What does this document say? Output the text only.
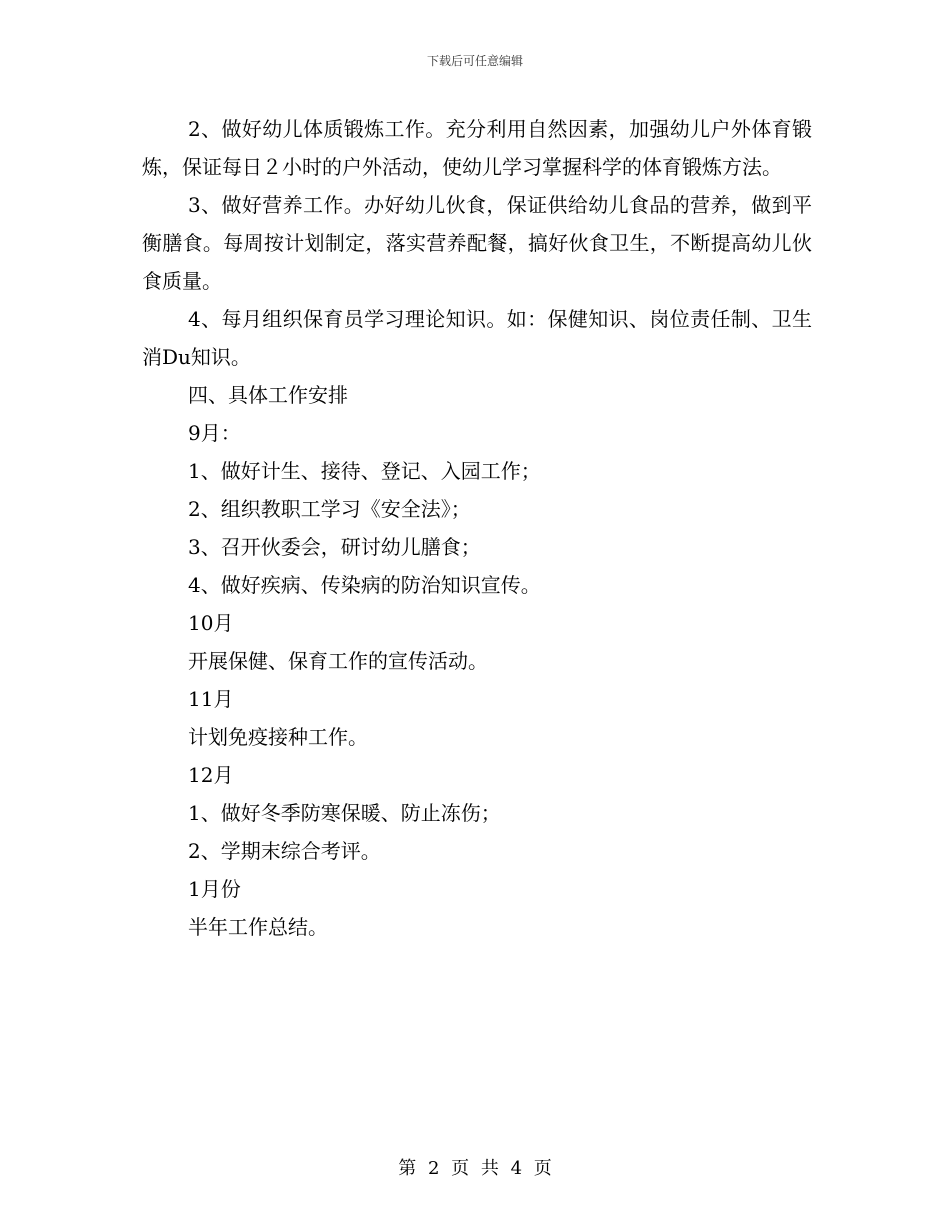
下载后可任意编辑

2、做好幼儿体质锻炼工作。充分利用自然因素，加强幼儿户外体育锻炼，保证每日２小时的户外活动，使幼儿学习掌握科学的体育锻炼方法。

3、做好营养工作。办好幼儿伙食，保证供给幼儿食品的营养，做到平衡膳食。每周按计划制定，落实营养配餐，搞好伙食卫生，不断提高幼儿伙食质量。

4、每月组织保育员学习理论知识。如：保健知识、岗位责任制、卫生消Du知识。

四、具体工作安排

9月：

1、做好计生、接待、登记、入园工作；

2、组织教职工学习《安全法》；

3、召开伙委会，研讨幼儿膳食；

4、做好疾病、传染病的防治知识宣传。

10月

开展保健、保育工作的宣传活动。

11月

计划免疫接种工作。

12月

1、做好冬季防寒保暖、防止冻伤；

2、学期末综合考评。

1月份

半年工作总结。

第 2 页 共 4 页
